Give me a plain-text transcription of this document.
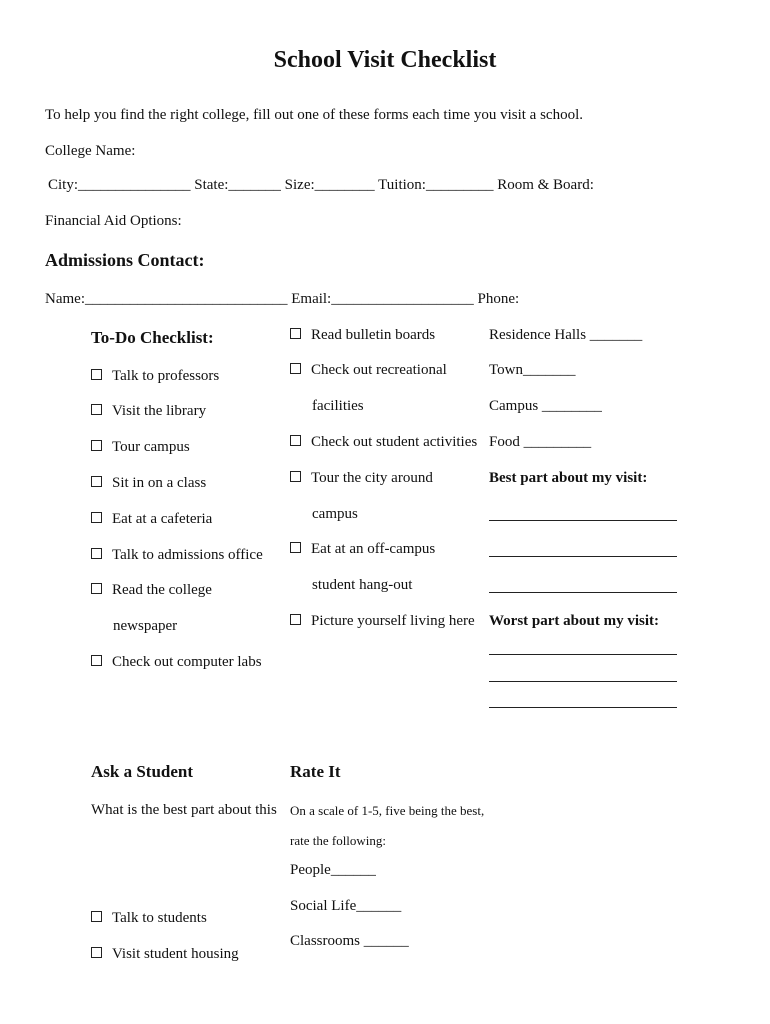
School Visit Checklist
To help you find the right college, fill out one of these forms each time you visit a school.
College Name:
City:_______________ State:_______ Size:________ Tuition:_________ Room & Board:
Financial Aid Options:
Admissions Contact:
Name:___________________________ Email:___________________ Phone:
To-Do Checklist:
Talk to professors
Visit the library
Tour campus
Sit in on a class
Eat at a cafeteria
Talk to admissions office
Read the college
newspaper
Check out computer labs
Read bulletin boards
Check out recreational
facilities
Check out student activities
Tour the city around
campus
Eat at an off-campus
student hang-out
Picture yourself living here
Residence Halls _______
Town_______
Campus ________
Food _________
Best part about my visit:
Worst part about my visit:
Ask a Student
What is the best part about this
Talk to students
Visit student housing
Rate It
On a scale of 1-5, five being the best,
rate the following:
People______
Social Life______
Classrooms ______
